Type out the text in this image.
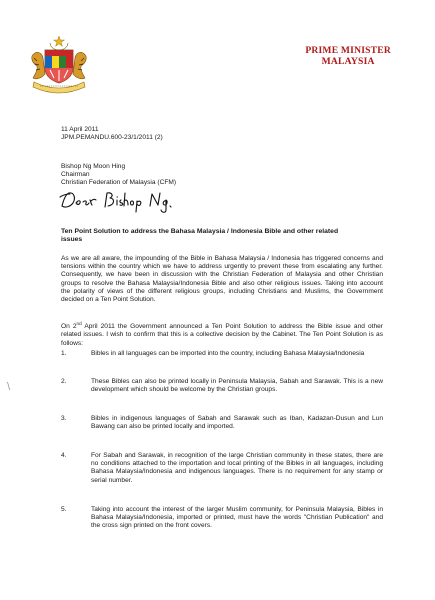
PRIME MINISTER
MALAYSIA
11 April 2011
JPM.PEMANDU.600-23/1/2011 (2)
Bishop Ng Moon Hing
Chairman
Christian Federation of Malaysia (CFM)
Ten Point Solution to address the Bahasa Malaysia / Indonesia Bible and other related
issues
As we are all aware, the impounding of the Bible in Bahasa Malaysia / Indonesia has triggered concerns and tensions within the country which we have to address urgently to prevent these from escalating any further. Consequently, we have been in discussion with the Christian Federation of Malaysia and other Christian groups to resolve the Bahasa Malaysia/Indonesia Bible and also other religious issues. Taking into account the polarity of views of the different religious groups, including Christians and Muslims, the Government decided on a Ten Point Solution.
On 2nd April 2011 the Government announced a Ten Point Solution to address the Bible issue and other related issues. I wish to confirm that this is a collective decision by the Cabinet. The Ten Point Solution is as follows:
1.	Bibles in all languages can be imported into the country, including Bahasa Malaysia/Indonesia
2.	These Bibles can also be printed locally in Peninsula Malaysia, Sabah and Sarawak. This is a new development which should be welcome by the Christian groups.
3.	Bibles in indigenous languages of Sabah and Sarawak such as Iban, Kadazan-Dusun and Lun Bawang can also be printed locally and imported.
4.	For Sabah and Sarawak, in recognition of the large Christian community in these states, there are no conditions attached to the importation and local printing of the Bibles in all languages, including Bahasa Malaysia/Indonesia and indigenous languages. There is no requirement for any stamp or serial number.
5.	Taking into account the interest of the larger Muslim community, for Peninsula Malaysia, Bibles in Bahasa Malaysia/Indonesia, imported or printed, must have the words "Christian Publication" and the cross sign printed on the front covers.
